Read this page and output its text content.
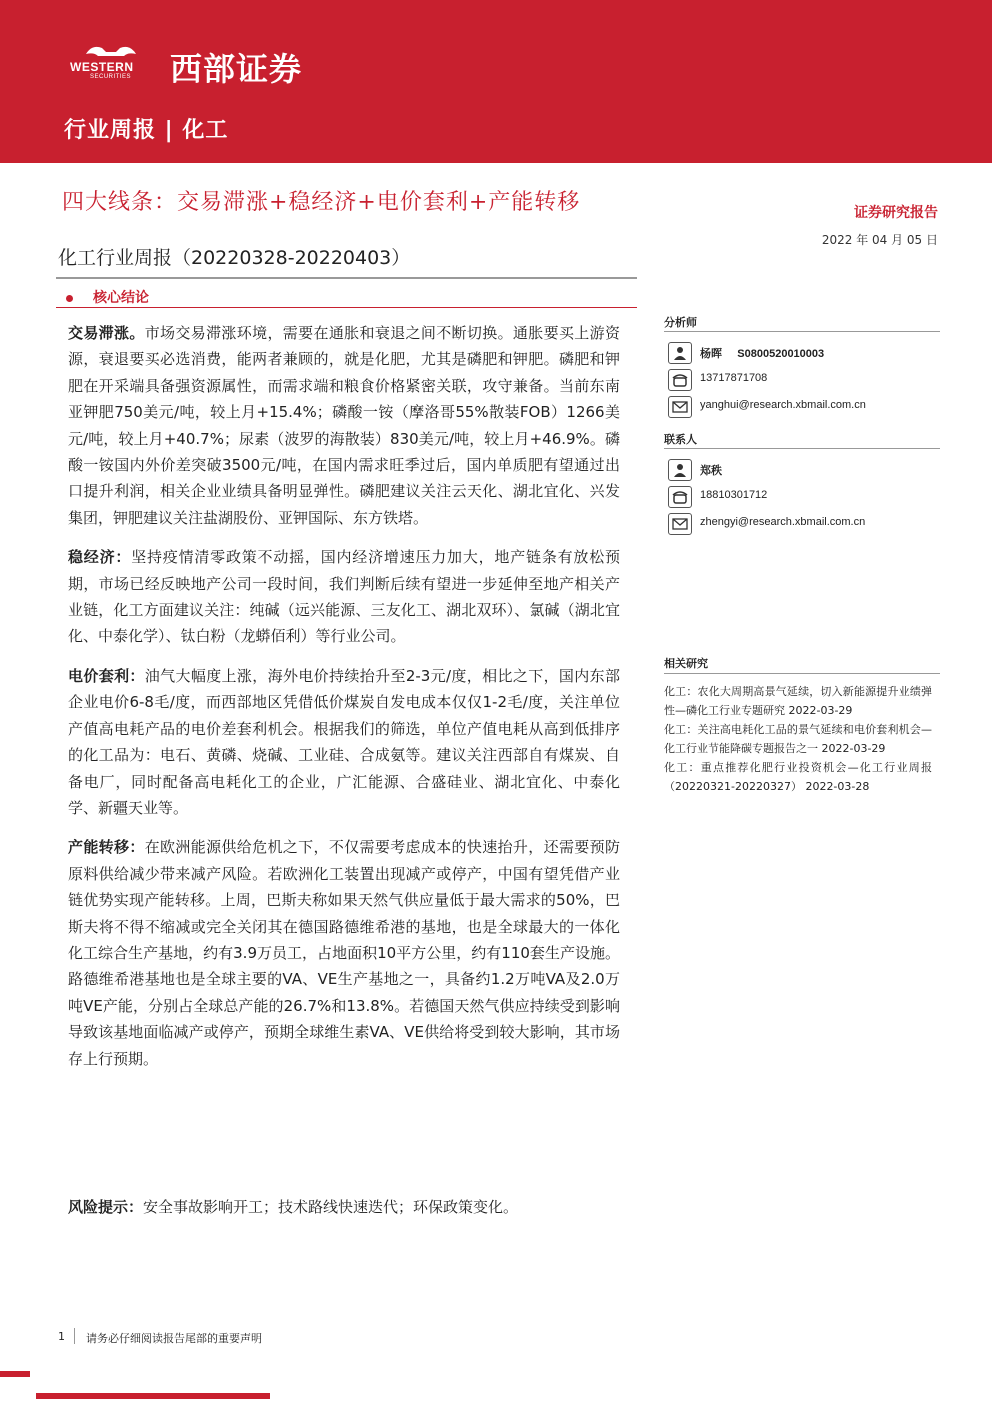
WESTERN
SECURITIES 西部证券
行业周报 | 化工
四大线条：交易滞涨+稳经济+电价套利+产能转移	证券研究报告
2022 年 04 月 05 日
化工行业周报（20220328-20220403）
核心结论

交易滞涨。市场交易滞涨环境，需要在通胀和衰退之间不断切换。通胀要买上游资源，衰退要买必选消费，能两者兼顾的，就是化肥，尤其是磷肥和钾肥。磷肥和钾肥在开采端具备强资源属性，而需求端和粮食价格紧密关联，攻守兼备。当前东南亚钾肥750美元/吨，较上月+15.4%；磷酸一铵（摩洛哥55%散装FOB）1266美元/吨，较上月+40.7%；尿素（波罗的海散装）830美元/吨，较上月+46.9%。磷酸一铵国内外价差突破3500元/吨，在国内需求旺季过后，国内单质肥有望通过出口提升利润，相关企业业绩具备明显弹性。磷肥建议关注云天化、湖北宜化、兴发集团，钾肥建议关注盐湖股份、亚钾国际、东方铁塔。

稳经济：坚持疫情清零政策不动摇，国内经济增速压力加大，地产链条有放松预期，市场已经反映地产公司一段时间，我们判断后续有望进一步延伸至地产相关产业链，化工方面建议关注：纯碱（远兴能源、三友化工、湖北双环）、氯碱（湖北宜化、中泰化学）、钛白粉（龙蟒佰利）等行业公司。

电价套利：油气大幅度上涨，海外电价持续抬升至2-3元/度，相比之下，国内东部企业电价6-8毛/度，而西部地区凭借低价煤炭自发电成本仅仅1-2毛/度，关注单位产值高电耗产品的电价差套利机会。根据我们的筛选，单位产值电耗从高到低排序的化工品为：电石、黄磷、烧碱、工业硅、合成氨等。建议关注西部自有煤炭、自备电厂，同时配备高电耗化工的企业，广汇能源、合盛硅业、湖北宜化、中泰化学、新疆天业等。

产能转移：在欧洲能源供给危机之下，不仅需要考虑成本的快速抬升，还需要预防原料供给减少带来减产风险。若欧洲化工装置出现减产或停产，中国有望凭借产业链优势实现产能转移。上周，巴斯夫称如果天然气供应量低于最大需求的50%，巴斯夫将不得不缩减或完全关闭其在德国路德维希港的基地，也是全球最大的一体化化工综合生产基地，约有3.9万员工，占地面积10平方公里，约有110套生产设施。路德维希港基地也是全球主要的VA、VE生产基地之一，具备约1.2万吨VA及2.0万吨VE产能，分别占全球总产能的26.7%和13.8%。若德国天然气供应持续受到影响导致该基地面临减产或停产，预期全球维生素VA、VE供给将受到较大影响，其市场存上行预期。

风险提示：安全事故影响开工；技术路线快速迭代；环保政策变化。
分析师
杨晖 S0800520010003
13717871708
yanghui@research.xbmail.com.cn
联系人
郑秩
18810301712
zhengyi@research.xbmail.com.cn
相关研究

化工：农化大周期高景气延续，切入新能源提升业绩弹性—磷化工行业专题研究 2022-03-29

化工：关注高电耗化工品的景气延续和电价套利机会—化工行业节能降碳专题报告之一 2022-03-29

化工：重点推荐化肥行业投资机会—化工行业周报（20220321-20220327） 2022-03-28

1 请务必仔细阅读报告尾部的重要声明
